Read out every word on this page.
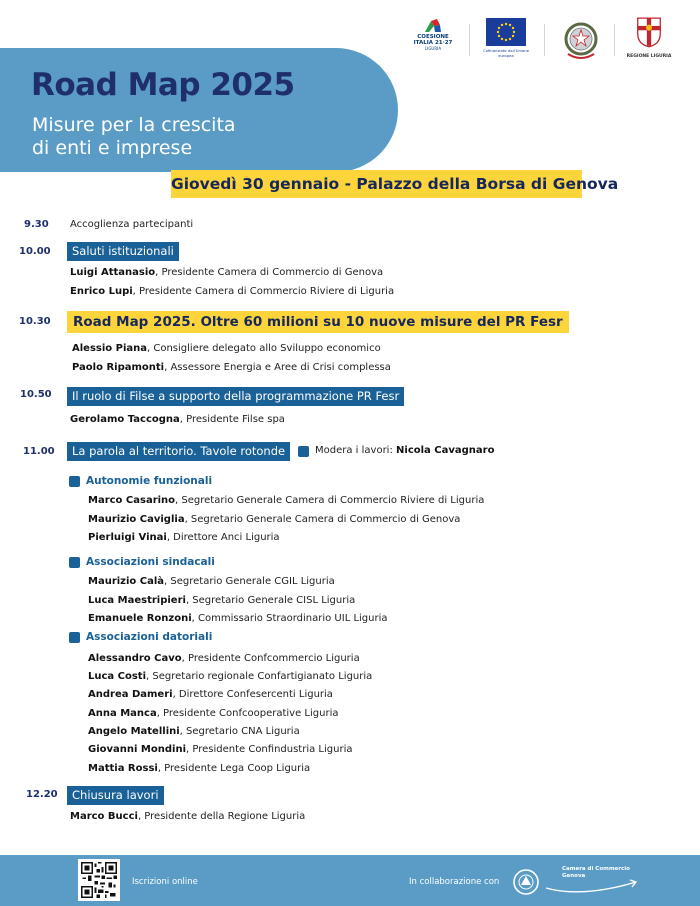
COESIONE
ITALIA 21·27
LIGURIA	Cofinanziato dall'Unione europea	REGIONE LIGURIA
Road Map 2025
Misure per la crescita
di enti e imprese
Giovedì 30 gennaio - Palazzo della Borsa di Genova
9.30 Accoglienza partecipanti
10.00	Saluti istituzionali
Luigi Attanasio, Presidente Camera di Commercio di Genova
Enrico Lupi, Presidente Camera di Commercio Riviere di Liguria
10.30	Road Map 2025. Oltre 60 milioni su 10 nuove misure del PR Fesr
Alessio Piana, Consigliere delegato allo Sviluppo economico
Paolo Ripamonti, Assessore Energia e Aree di Crisi complessa
10.50	Il ruolo di Filse a supporto della programmazione PR Fesr
Gerolamo Taccogna, Presidente Filse spa
11.00	La parola al territorio. Tavole rotonde	Modera i lavori: Nicola Cavagnaro
Autonomie funzionali
Marco Casarino, Segretario Generale Camera di Commercio Riviere di Liguria
Maurizio Caviglia, Segretario Generale Camera di Commercio di Genova
Pierluigi Vinai, Direttore Anci Liguria
Associazioni sindacali
Maurizio Calà, Segretario Generale CGIL Liguria
Luca Maestripieri, Segretario Generale CISL Liguria
Emanuele Ronzoni, Commissario Straordinario UIL Liguria
Associazioni datoriali
Alessandro Cavo, Presidente Confcommercio Liguria
Luca Costi, Segretario regionale Confartigianato Liguria
Andrea Dameri, Direttore Confesercenti Liguria
Anna Manca, Presidente Confcooperative Liguria
Angelo Matellini, Segretario CNA Liguria
Giovanni Mondini, Presidente Confindustria Liguria
Mattia Rossi, Presidente Lega Coop Liguria
12.20	Chiusura lavori
Marco Bucci, Presidente della Regione Liguria
Iscrizioni online	In collaborazione con
Camera di Commercio
Genova
